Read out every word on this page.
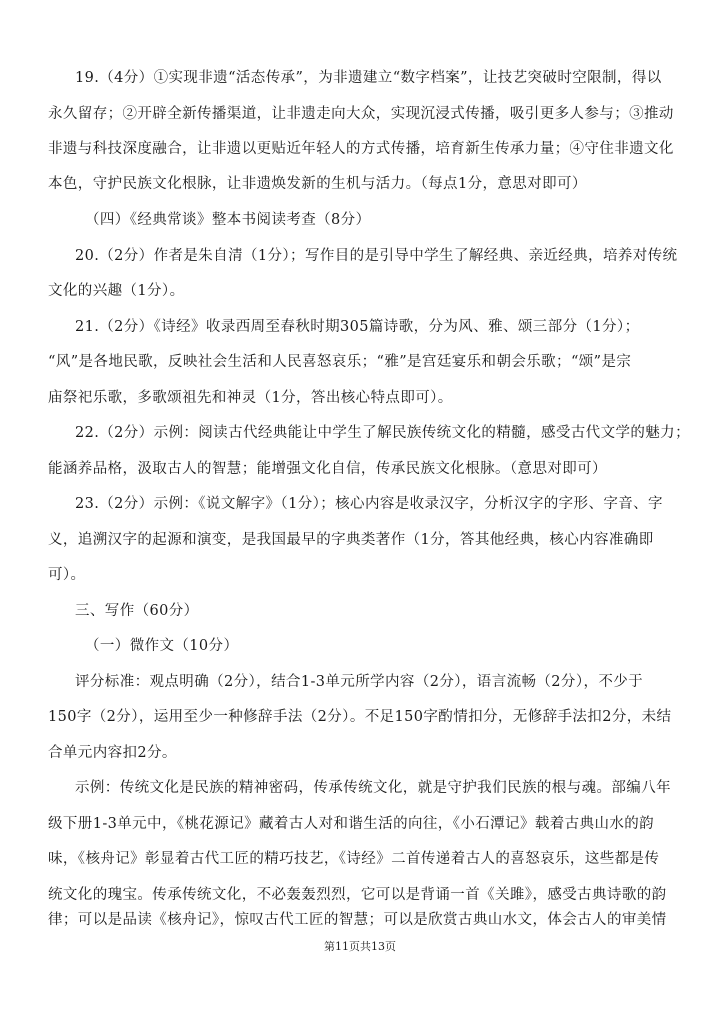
19.（4分）①实现非遗“活态传承”，为非遗建立“数字档案”，让技艺突破时空限制，得以
永久留存；②开辟全新传播渠道，让非遗走向大众，实现沉浸式传播，吸引更多人参与；③推动
非遗与科技深度融合，让非遗以更贴近年轻人的方式传播，培育新生传承力量；④守住非遗文化
本色，守护民族文化根脉，让非遗焕发新的生机与活力。（每点1分，意思对即可）
（四）《经典常谈》整本书阅读考查（8分）
20.（2分）作者是朱自清（1分）；写作目的是引导中学生了解经典、亲近经典，培养对传统
文化的兴趣（1分）。
21.（2分）《诗经》收录西周至春秋时期305篇诗歌，分为风、雅、颂三部分（1分）；
“风”是各地民歌，反映社会生活和人民喜怒哀乐；“雅”是宫廷宴乐和朝会乐歌；“颂”是宗
庙祭祀乐歌，多歌颂祖先和神灵（1分，答出核心特点即可）。
22.（2分）示例：阅读古代经典能让中学生了解民族传统文化的精髓，感受古代文学的魅力；
能涵养品格，汲取古人的智慧；能增强文化自信，传承民族文化根脉。（意思对即可）
23.（2分）示例：《说文解字》（1分）；核心内容是收录汉字，分析汉字的字形、字音、字
义，追溯汉字的起源和演变，是我国最早的字典类著作（1分，答其他经典，核心内容准确即
可）。
三、写作（60分）
（一）微作文（10分）
评分标准：观点明确（2分），结合1-3单元所学内容（2分），语言流畅（2分），不少于
150字（2分），运用至少一种修辞手法（2分）。不足150字酌情扣分，无修辞手法扣2分，未结
合单元内容扣2分。
示例：传统文化是民族的精神密码，传承传统文化，就是守护我们民族的根与魂。部编八年
级下册1-3单元中，《桃花源记》藏着古人对和谐生活的向往，《小石潭记》载着古典山水的韵
味，《核舟记》彰显着古代工匠的精巧技艺，《诗经》二首传递着古人的喜怒哀乐，这些都是传
统文化的瑰宝。传承传统文化，不必轰轰烈烈，它可以是背诵一首《关雎》，感受古典诗歌的韵
律；可以是品读《核舟记》，惊叹古代工匠的智慧；可以是欣赏古典山水文，体会古人的审美情
第11页共13页
